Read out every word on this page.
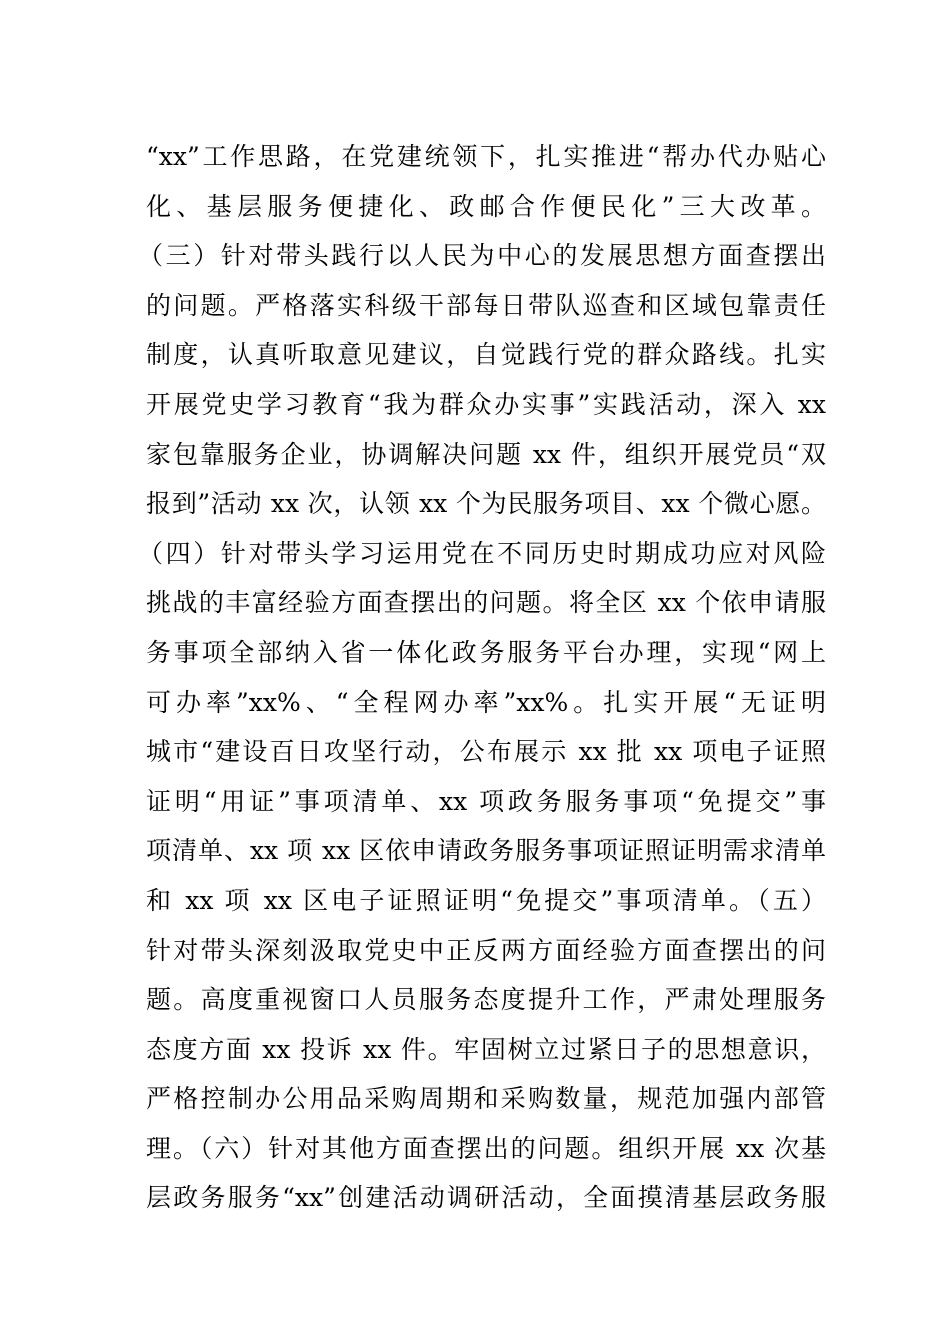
“xx”工作思路，在党建统领下，扎实推进“帮办代办贴心
化、基层服务便捷化、政邮合作便民化”三大改革。
（三）针对带头践行以人民为中心的发展思想方面查摆出
的问题。严格落实科级干部每日带队巡查和区域包靠责任
制度，认真听取意见建议，自觉践行党的群众路线。扎实
开展党史学习教育“我为群众办实事”实践活动，深入 xx
家包靠服务企业，协调解决问题 xx 件，组织开展党员“双
报到”活动 xx 次，认领 xx 个为民服务项目、xx 个微心愿。
（四）针对带头学习运用党在不同历史时期成功应对风险
挑战的丰富经验方面查摆出的问题。将全区 xx 个依申请服
务事项全部纳入省一体化政务服务平台办理，实现“网上
可办率”xx%、“全程网办率”xx%。扎实开展“无证明
城市“建设百日攻坚行动，公布展示 xx 批 xx 项电子证照
证明“用证”事项清单、xx 项政务服务事项“免提交”事
项清单、xx 项 xx 区依申请政务服务事项证照证明需求清单
和 xx 项 xx 区电子证照证明“免提交”事项清单。（五）
针对带头深刻汲取党史中正反两方面经验方面查摆出的问
题。高度重视窗口人员服务态度提升工作，严肃处理服务
态度方面 xx 投诉 xx 件。牢固树立过紧日子的思想意识，
严格控制办公用品采购周期和采购数量，规范加强内部管
理。（六）针对其他方面查摆出的问题。组织开展 xx 次基
层政务服务“xx”创建活动调研活动，全面摸清基层政务服
